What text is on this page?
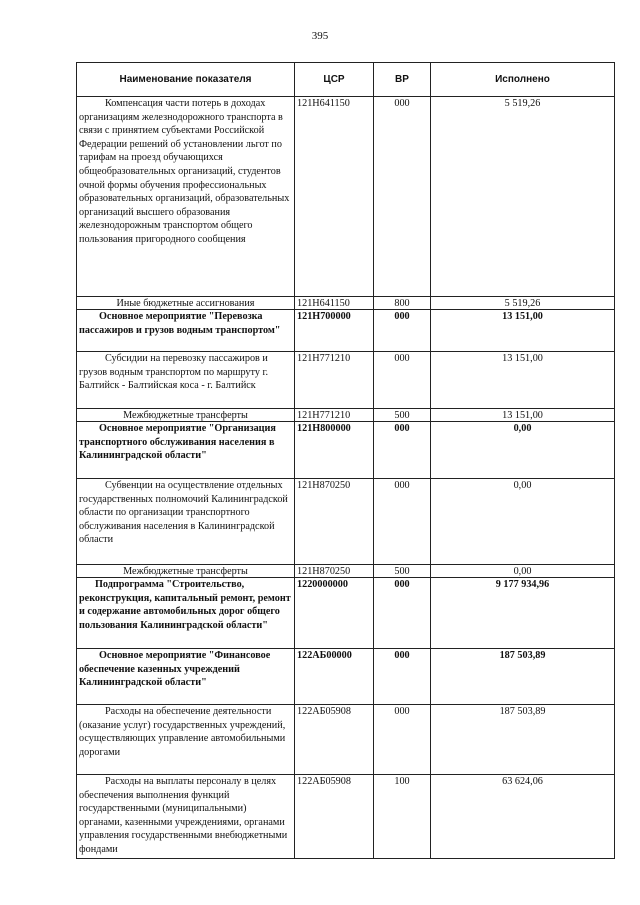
395
Наименование показателя	ЦСР	ВР	Исполнено
Компенсация части потерь в доходах организациям железнодорожного транспорта в связи с принятием субъектами Российской Федерации решений об установлении льгот по тарифам на проезд обучающихся общеобразовательных организаций, студентов очной формы обучения профессиональных образовательных организаций, образовательных организаций высшего образования железнодорожным транспортом общего пользования пригородного сообщения	121Н641150	000	5 519,26
Иные бюджетные ассигнования	121Н641150	800	5 519,26
Основное мероприятие "Перевозка пассажиров и грузов водным транспортом"	121Н700000	000	13 151,00
Субсидии на перевозку пассажиров и грузов водным транспортом по маршруту г. Балтийск - Балтийская коса - г. Балтийск	121Н771210	000	13 151,00
Межбюджетные трансферты	121Н771210	500	13 151,00
Основное мероприятие "Организация транспортного обслуживания населения в Калининградской области"	121Н800000	000	0,00
Субвенции на осуществление отдельных государственных полномочий Калининградской области по организации транспортного обслуживания населения в Калининградской области	121Н870250	000	0,00
Межбюджетные трансферты	121Н870250	500	0,00
Подпрограмма "Строительство, реконструкция, капитальный ремонт, ремонт и содержание автомобильных дорог общего пользования Калининградской области"	1220000000	000	9 177 934,96
Основное мероприятие "Финансовое обеспечение казенных учреждений Калининградской области"	122АБ00000	000	187 503,89
Расходы на обеспечение деятельности (оказание услуг) государственных учреждений, осуществляющих управление автомобильными дорогами	122АБ05908	000	187 503,89
Расходы на выплаты персоналу в целях обеспечения выполнения функций государственными (муниципальными) органами, казенными учреждениями, органами управления государственными внебюджетными фондами	122АБ05908	100	63 624,06
